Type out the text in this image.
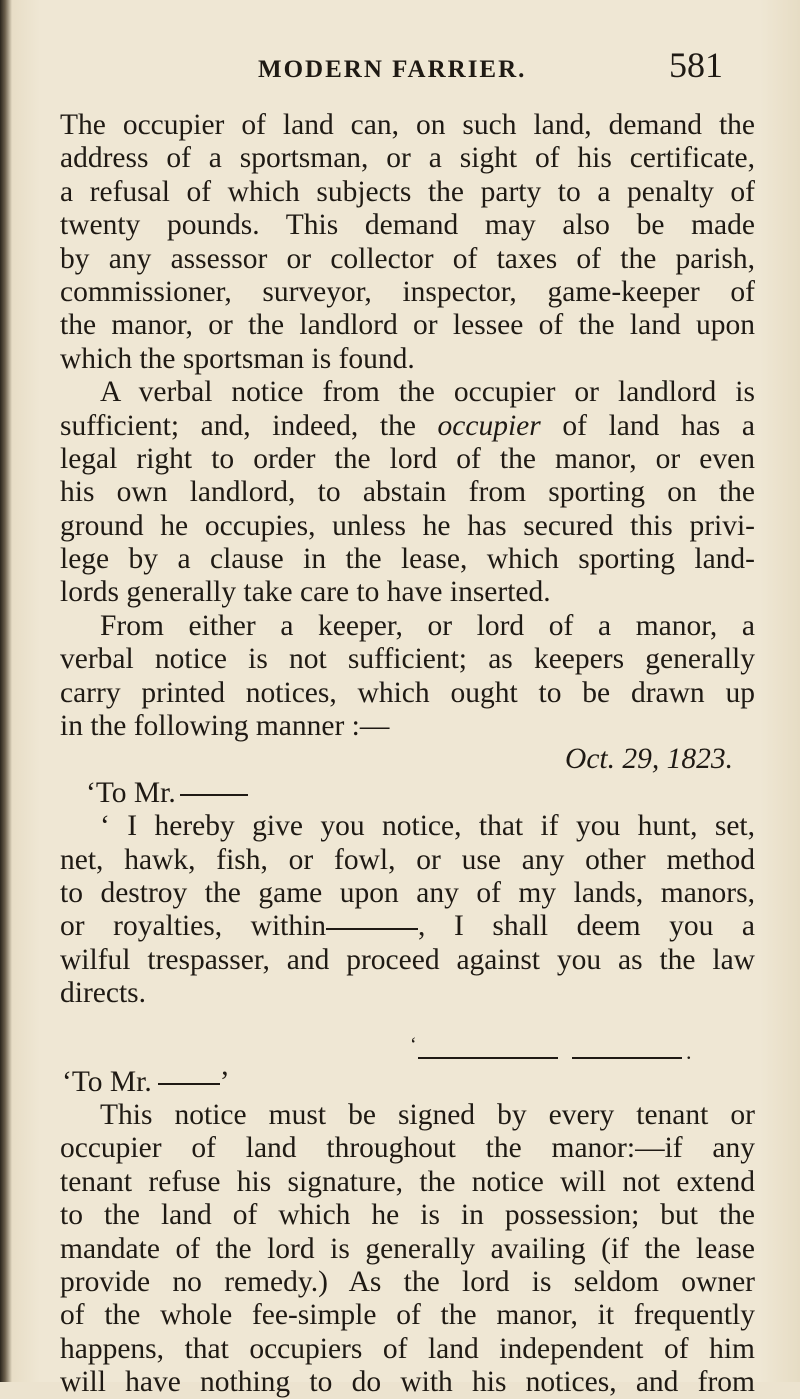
MODERN FARRIER.	581
The occupier of land can, on such land, demand the
address of a sportsman, or a sight of his certificate,
a refusal of which subjects the party to a penalty of
twenty pounds. This demand may also be made
by any assessor or collector of taxes of the parish,
commissioner, surveyor, inspector, game-keeper of
the manor, or the landlord or lessee of the land upon
which the sportsman is found.
A verbal notice from the occupier or landlord is
sufficient; and, indeed, the occupier of land has a
legal right to order the lord of the manor, or even
his own landlord, to abstain from sporting on the
ground he occupies, unless he has secured this privi-
lege by a clause in the lease, which sporting land-
lords generally take care to have inserted.
From either a keeper, or lord of a manor, a
verbal notice is not sufficient; as keepers generally
carry printed notices, which ought to be drawn up
in the following manner :—
Oct. 29, 1823.
‘To Mr.
‘ I hereby give you notice, that if you hunt, set,
net, hawk, fish, or fowl, or use any other method
to destroy the game upon any of my lands, manors,
or royalties, within	, I shall deem you a
wilful trespasser, and proceed against you as the law
directs.
‘	.
‘To Mr. ’
This notice must be signed by every tenant or
occupier of land throughout the manor:—if any
tenant refuse his signature, the notice will not extend
to the land of which he is in possession; but the
mandate of the lord is generally availing (if the lease
provide no remedy.) As the lord is seldom owner
of the whole fee-simple of the manor, it frequently
happens, that occupiers of land independent of him
will have nothing to do with his notices, and from
